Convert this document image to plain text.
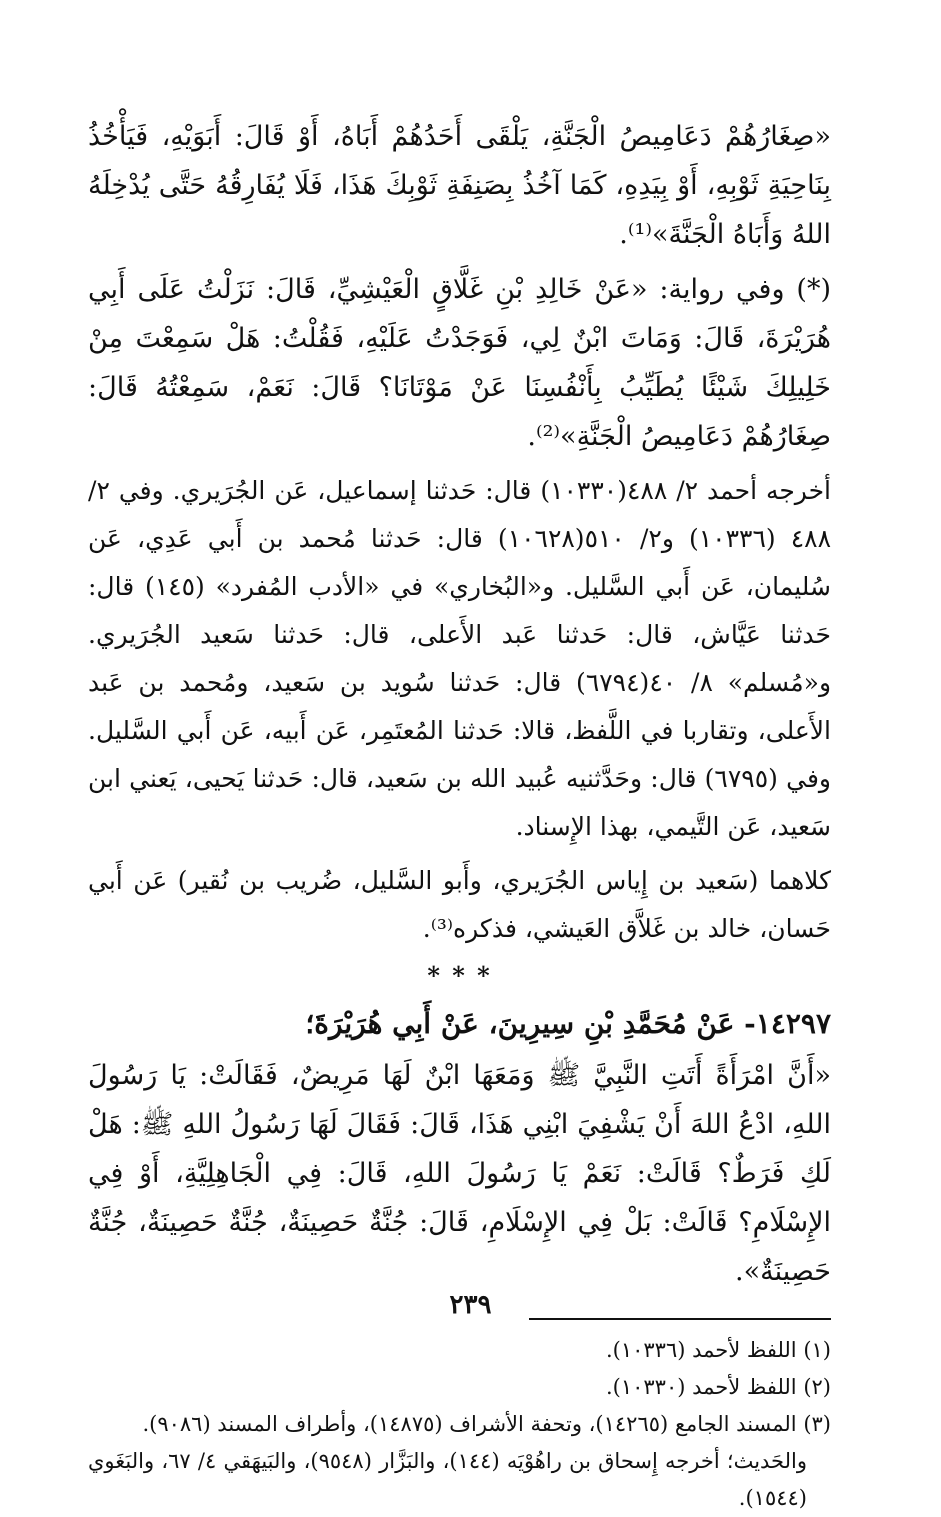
«صِغَارُهُمْ دَعَامِيصُ الْجَنَّةِ، يَلْقَى أَحَدُهُمْ أَبَاهُ، أَوْ قَالَ: أَبَوَيْهِ، فَيَأْخُذُ بِنَاحِيَةِ ثَوْبِهِ، أَوْ بِيَدِهِ، كَمَا آخُذُ بِصَنِفَةِ ثَوْبِكَ هَذَا، فَلَا يُفَارِقُهُ حَتَّى يُدْخِلَهُ اللهُ وَأَبَاهُ الْجَنَّةَ»⁽¹⁾.

(*) وفي رواية: «عَنْ خَالِدِ بْنِ غَلَّاقٍ الْعَيْشِيِّ، قَالَ: نَزَلْتُ عَلَى أَبِي هُرَيْرَةَ، قَالَ: وَمَاتَ ابْنٌ لِي، فَوَجَدْتُ عَلَيْهِ، فَقُلْتُ: هَلْ سَمِعْتَ مِنْ خَلِيلِكَ شَيْئًا يُطَيِّبُ بِأَنْفُسِنَا عَنْ مَوْتَانَا؟ قَالَ: نَعَمْ، سَمِعْتُهُ قَالَ: صِغَارُهُمْ دَعَامِيصُ الْجَنَّةِ»⁽²⁾.

أخرجه أحمد ٢/ ٤٨٨(١٠٣٣٠) قال: حَدثنا إسماعيل، عَن الجُرَيري. وفي ٢/ ٤٨٨ (١٠٣٣٦) و٢/ ٥١٠(١٠٦٢٨) قال: حَدثنا مُحمد بن أَبي عَدِي، عَن سُليمان، عَن أَبي السَّليل. و«البُخاري» في «الأدب المُفرد» (١٤٥) قال: حَدثنا عَيَّاش، قال: حَدثنا عَبد الأَعلى، قال: حَدثنا سَعيد الجُرَيري. و«مُسلم» ٨/ ٤٠(٦٧٩٤) قال: حَدثنا سُويد بن سَعيد، ومُحمد بن عَبد الأَعلى، وتقاربا في اللَّفظ، قالا: حَدثنا المُعتَمِر، عَن أَبيه، عَن أَبي السَّليل. وفي (٦٧٩٥) قال: وحَدَّثنيه عُبيد الله بن سَعيد، قال: حَدثنا يَحيى، يَعني ابن سَعيد، عَن التَّيمي، بهذا الإِسناد.

كلاهما (سَعيد بن إِياس الجُرَيري، وأَبو السَّليل، ضُريب بن نُقير) عَن أَبي حَسان، خالد بن غَلاَّق العَيشي، فذكره⁽³⁾.

* * *

١٤٢٩٧- عَنْ مُحَمَّدِ بْنِ سِيرِينَ، عَنْ أَبِي هُرَيْرَةَ؛

«أَنَّ امْرَأَةً أَتَتِ النَّبِيَّ ﷺ وَمَعَهَا ابْنٌ لَهَا مَرِيضٌ، فَقَالَتْ: يَا رَسُولَ اللهِ، ادْعُ اللهَ أَنْ يَشْفِيَ ابْنِي هَذَا، قَالَ: فَقَالَ لَهَا رَسُولُ اللهِ ﷺ: هَلْ لَكِ فَرَطٌ؟ قَالَتْ: نَعَمْ يَا رَسُولَ اللهِ، قَالَ: فِي الْجَاهِلِيَّةِ، أَوْ فِي الإِسْلَامِ؟ قَالَتْ: بَلْ فِي الإِسْلَامِ، قَالَ: جُنَّةٌ حَصِينَةٌ، جُنَّةٌ حَصِينَةٌ، جُنَّةٌ حَصِينَةٌ».

(١) اللفظ لأحمد (١٠٣٣٦).

(٢) اللفظ لأحمد (١٠٣٣٠).

(٣) المسند الجامع (١٤٢٦٥)، وتحفة الأشراف (١٤٨٧٥)، وأطراف المسند (٩٠٨٦).

والحَديث؛ أخرجه إِسحاق بن راهُوْيَه (١٤٤)، والبَزَّار (٩٥٤٨)، والبَيهَقي ٤/ ٦٧، والبَغَوي (١٥٤٤).

٢٣٩
